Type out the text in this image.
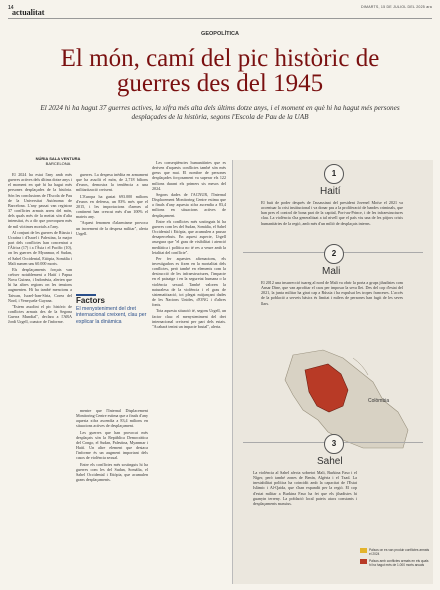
14	DIMARTS, 15 DE JULIOL DEL 2025 ara
actualitat
GEOPOLÍTICA
El món, camí del pic històric de guerres des del 1945
El 2024 hi ha hagut 37 guerres actives, la xifra més alta dels últims dotze anys, i el moment en què hi ha hagut més persones desplaçades de la història, segons l'Escola de Pau de la UAB
NÚRIA SALA VENTURA
BARCELONA

El 2024 ha estat l'any amb més guerres actives dels últims dotze anys i el moment en què hi ha hagut més persones desplaçades de la història. Són les conclusions de l'Escola de Pau de la Universitat Autònoma de Barcelona. L'any passat van registrar 37 conflictes armats arreu del món, dels quals més de la meitat són d'alta intensitat, és a dir que provoquen més de mil víctimes mortals a l'any.

Al conjunt de les guerres de Rússia i Ucraïna i d'Israel i Palestina, la major part dels conflictes han concentrat a l'Àfrica (17) i a l'Àsia i el Pacífic (10), on les guerres de Myanmar, el Sudan, el Sahel Occidental, Etiòpia, Somàlia i Mali sumen uns 60.000 morts.

Els desplaçaments forçats van créixer notablement a Haití i Papua Nova Guinea, i Indonèsia, alerten que hi ha altres regions on les tensions augmenten. Hi ha també mencions a Taiwan, Israel-Iran-Síria, Corea del Nord, i Veneçuela-Guyana.

"Estem assolint el pic històric de conflictes armats des de la Segona Guerra Mundial", declara a l'ARA Jordi Urgell, coautor de l'informe.

guerres. La despesa inèdita en armament que ha assolit el món, de 2,718 bilions d'euros, demostra la tendència a una militarització creixent.

L'Europa ha gastat 693.000 milions d'euros en defensa, un 83% més que el 2015, i les importacions d'armes al continent han crescut més d'un 100% el mateix any.

"Aquest fenomen d'alarmisme provoca un increment de la despesa militar", alerta Urgell.

mentre que l'Internal Displacement Monitoring Centre estima que a finals d'any aquesta xifra ascendia a 83,4 milions en situacions actives de desplaçament.

Les guerres que han provocat més desplaçats són la República Democràtica del Congo, el Sudan, Palestina, Myanmar i Haití. Un altre element que destaca l'informe és un augment important dels casos de violència sexual.

Entre els conflictes més sostinguts hi ha guerres com les del Sudan, Somàlia, el Sahel Occidental i Etiòpia, que acumulen grans desplaçaments.

Factors
El menysteniment del dret internacional creixent, clau per explicar la dinàmica

Les conseqüències humanitàries que es deriven d'aquests conflictes també són més greus que mai. El nombre de persones desplaçades forçosament va superar els 122 milions durant els primers sis mesos del 2024.

Segons dades de l'ACNUR, l'Internal Displacement Monitoring Centre estima que a finals d'any aquesta xifra ascendia a 83,4 milions en situacions actives de desplaçament.

Entre els conflictes més sostinguts hi ha guerres com les del Sudan, Somàlia, el Sahel Occidental i Etiòpia, que acumulen a passar desapercebuts. En aquest aspecte, Urgell assegura que "el grau de visibilitat i atenció mediàtica i política no té res a veure amb la letalitat del conflicte".

Per fer aquestes afirmacions, els investigadors es fixen en la mortalitat dels conflictes, però també en elements com la destrucció de les infraestructures, l'impacte en el paisatge i en la seguretat humana o la violència sexual. També valoren la naturalesa de la violència i el grau de sistematització, tot plegat mitjançant dades de les Nacions Unides, d'ONG i d'altres fonts.

Tota aquesta situació té, segons Urgell, un factor clau: el menysteniment del dret internacional creixent per part dels estats. "Acabarà tenint un impacte brutal", alerta.

1
Haití
El buit de poder després de l'assassinat del president Jovenel Moïse el 2021 va accentuar la crisi institucional i va donar pas a la proliferació de bandes criminals, que han pres el control de bona part de la capital, Port-au-Prince, i de les infraestructures clau. La violència s'ha generalitzat a tal nivell que el país viu una de les pitjors crisis humanitàries de la regió, amb més d'un milió de desplaçats interns.
2
Mali
El 2012 una insurrecció tuareg al nord de Mali va obrir la porta a grups jihadistes com Ansar Dine, que van aprofitar el caos per imposar la seva llei. Des del cop d'estat del 2021, la junta militar ha girat cap a Rússia i ha expulsat les tropes franceses. L'accés de la població a serveis bàsics és limitat i milers de persones han fugit de les seves llars.
Colòmbia
3
Sahel
La violència al Sahel afecta sobretot Mali, Burkina Faso i el Níger, però també zones de Benín, Algèria i el Txad. La inestabilitat política ha coincidit amb la capacitat de l'Estat Islàmic i Al-Qaida, que s'han expandit per la regió. El cop d'estat militar a Burkina Faso ha fet que els jihadistes hi guanyin terreny. La població local pateix atacs constants i desplaçaments massius.
Països on es van produir conflictes armats el 2024
Països amb conflictes armats en els quals hi ha hagut més de 1.000 morts anuals
